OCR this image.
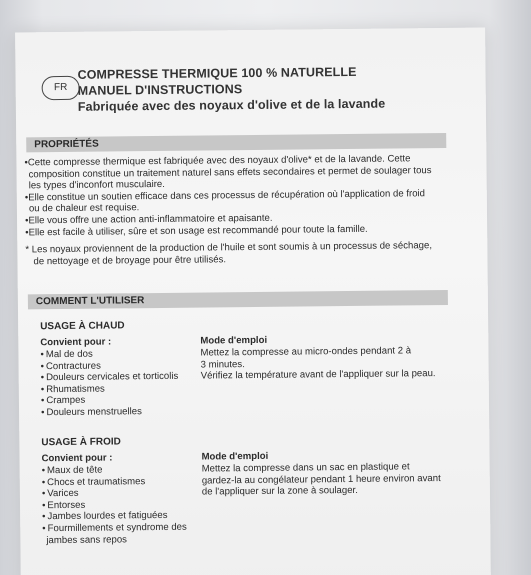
FR
COMPRESSE THERMIQUE 100 % NATURELLE
MANUEL D'INSTRUCTIONS
Fabriquée avec des noyaux d'olive et de la lavande
PROPRIÉTÉS

•Cette compresse thermique est fabriquée avec des noyaux d'olive* et de la lavande. Cette

composition constitue un traitement naturel sans effets secondaires et permet de soulager tous

les types d'inconfort musculaire.

•Elle constitue un soutien efficace dans ces processus de récupération où l'application de froid

ou de chaleur est requise.

•Elle vous offre une action anti-inflammatoire et apaisante.

•Elle est facile à utiliser, sûre et son usage est recommandé pour toute la famille.

* Les noyaux proviennent de la production de l'huile et sont soumis à un processus de séchage,

de nettoyage et de broyage pour être utilisés.

COMMENT L'UTILISER
USAGE À CHAUD
Convient pour :
• Mal de dos
• Contractures
• Douleurs cervicales et torticolis
• Rhumatismes
• Crampes
• Douleurs menstruelles
Mode d'emploi
Mettez la compresse au micro-ondes pendant 2 à
3 minutes.
Vérifiez la température avant de l'appliquer sur la peau.
USAGE À FROID
Convient pour :
• Maux de tête
• Chocs et traumatismes
• Varices
• Entorses
• Jambes lourdes et fatiguées
• Fourmillements et syndrome des
jambes sans repos
Mode d'emploi
Mettez la compresse dans un sac en plastique et
gardez-la au congélateur pendant 1 heure environ avant
de l'appliquer sur la zone à soulager.
